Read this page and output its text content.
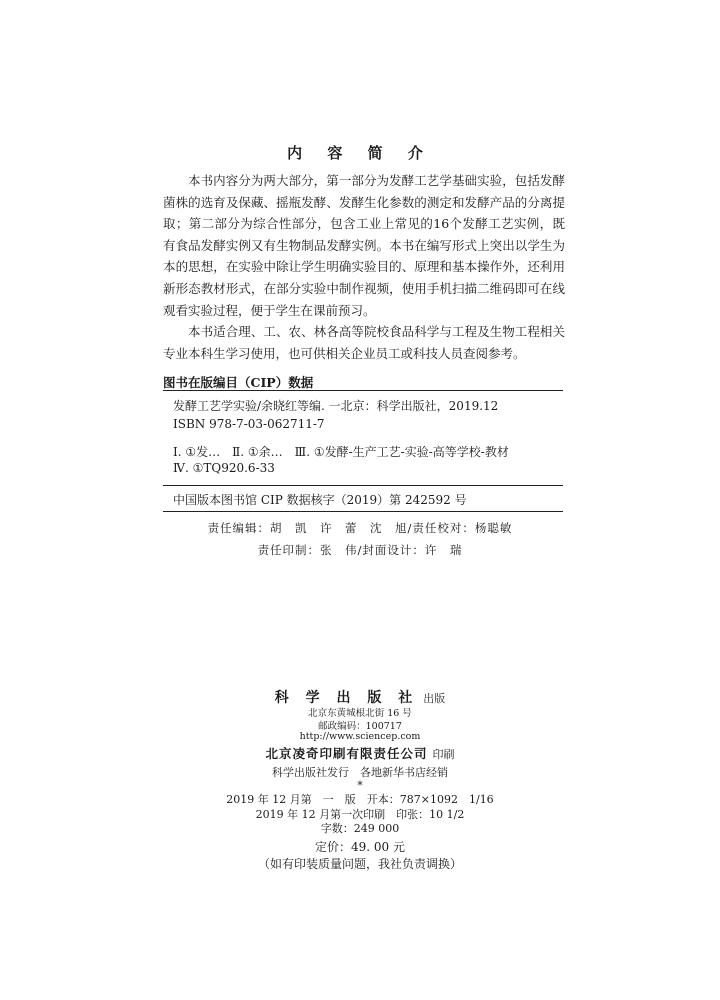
内 容 简 介

本书内容分为两大部分，第一部分为发酵工艺学基础实验，包括发酵菌株的选育及保藏、摇瓶发酵、发酵生化参数的测定和发酵产品的分离提取；第二部分为综合性部分，包含工业上常见的16个发酵工艺实例，既有食品发酵实例又有生物制品发酵实例。本书在编写形式上突出以学生为本的思想，在实验中除让学生明确实验目的、原理和基本操作外，还利用新形态教材形式，在部分实验中制作视频，使用手机扫描二维码即可在线观看实验过程，便于学生在课前预习。

本书适合理、工、农、林各高等院校食品科学与工程及生物工程相关专业本科生学习使用，也可供相关企业员工或科技人员查阅参考。

图书在版编目（CIP）数据
发酵工艺学实验/余晓红等编. 一北京：科学出版社，2019.12
ISBN 978-7-03-062711-7
Ⅰ. ①发…　Ⅱ. ①余…　Ⅲ. ①发酵-生产工艺-实验-高等学校-教材
Ⅳ. ①TQ920.6-33
中国版本图书馆 CIP 数据核字（2019）第 242592 号
责任编辑：胡　凯　许　蕾　沈　旭/责任校对：杨聪敏
责任印制：张　伟/封面设计：许　瑞
科 学 出 版 社 出版
北京东黄城根北街 16 号
邮政编码：100717
http://www.sciencep.com
北京凌奇印刷有限责任公司 印刷
科学出版社发行　各地新华书店经销
*
2019 年 12 月第　一　版　开本：787×1092　1/16
2019 年 12 月第一次印刷　印张：10 1/2
字数：249 000
定价：49. 00 元
（如有印装质量问题，我社负责调换）
